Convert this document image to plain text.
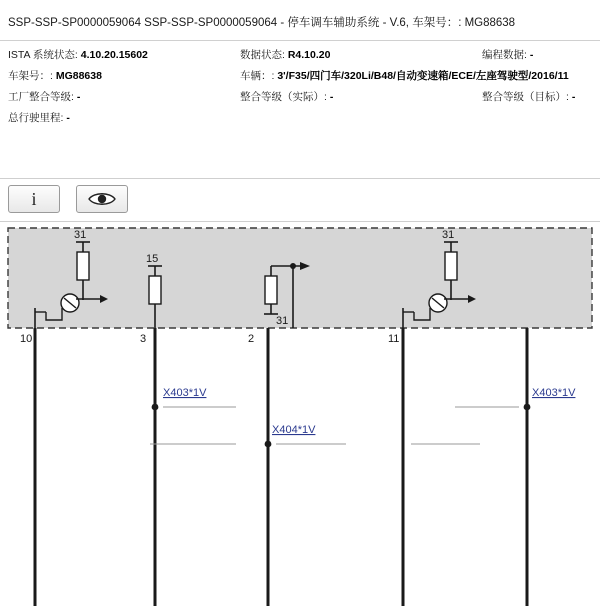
SSP-SSP-SP0000059064 SSP-SSP-SP0000059064 - 停车调车辅助系统 - V.6, 车架号：: MG88638
ISTA 系统状态: 4.10.20.15602	数据状态: R4.10.20	编程数据: -
车架号：: MG88638	车辆：: 3'/F35/四门车/320Li/B48/自动变速箱/ECE/左座驾驶型/2016/11
工厂整合等级: -	整合等级（实际）: -	整合等级（目标）: -
总行驶里程: -
i
31
10
15
3
31
2
31
11
X403*1V
X404*1V
X403*1V
